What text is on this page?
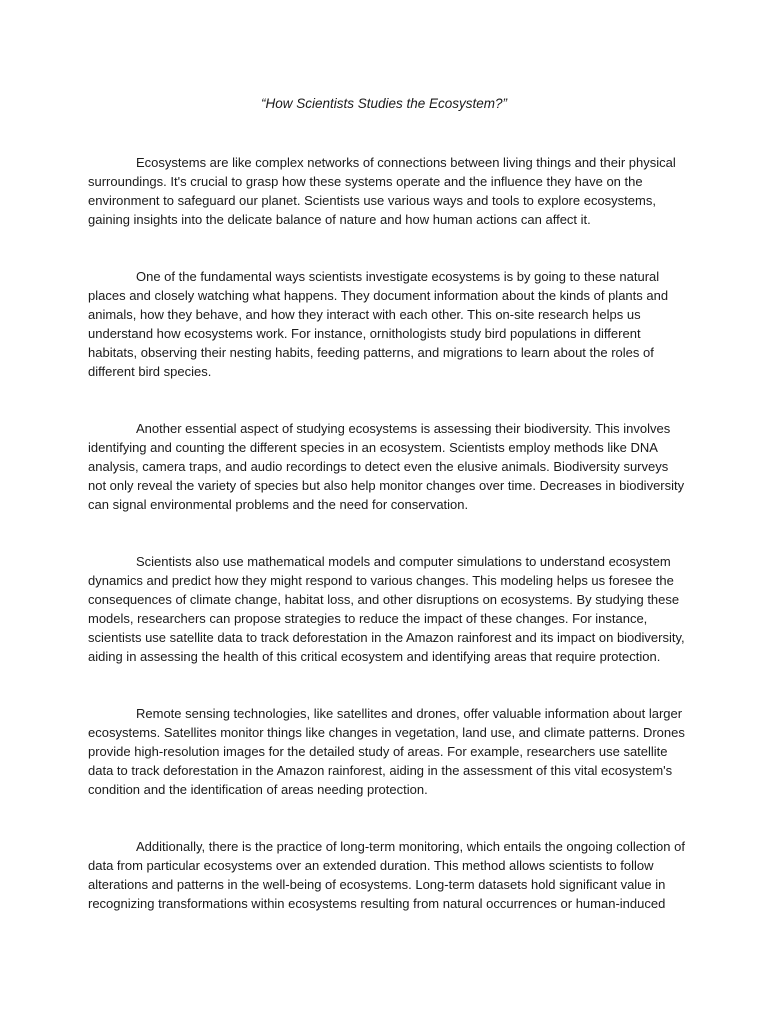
“How Scientists Studies the Ecosystem?”

Ecosystems are like complex networks of connections between living things and their physical surroundings. It's crucial to grasp how these systems operate and the influence they have on the environment to safeguard our planet. Scientists use various ways and tools to explore ecosystems, gaining insights into the delicate balance of nature and how human actions can affect it.

One of the fundamental ways scientists investigate ecosystems is by going to these natural places and closely watching what happens. They document information about the kinds of plants and animals, how they behave, and how they interact with each other. This on-site research helps us understand how ecosystems work. For instance, ornithologists study bird populations in different habitats, observing their nesting habits, feeding patterns, and migrations to learn about the roles of different bird species.

Another essential aspect of studying ecosystems is assessing their biodiversity. This involves identifying and counting the different species in an ecosystem. Scientists employ methods like DNA analysis, camera traps, and audio recordings to detect even the elusive animals. Biodiversity surveys not only reveal the variety of species but also help monitor changes over time. Decreases in biodiversity can signal environmental problems and the need for conservation.

Scientists also use mathematical models and computer simulations to understand ecosystem dynamics and predict how they might respond to various changes. This modeling helps us foresee the consequences of climate change, habitat loss, and other disruptions on ecosystems. By studying these models, researchers can propose strategies to reduce the impact of these changes. For instance, scientists use satellite data to track deforestation in the Amazon rainforest and its impact on biodiversity, aiding in assessing the health of this critical ecosystem and identifying areas that require protection.

Remote sensing technologies, like satellites and drones, offer valuable information about larger ecosystems. Satellites monitor things like changes in vegetation, land use, and climate patterns. Drones provide high-resolution images for the detailed study of areas. For example, researchers use satellite data to track deforestation in the Amazon rainforest, aiding in the assessment of this vital ecosystem's condition and the identification of areas needing protection.

Additionally, there is the practice of long-term monitoring, which entails the ongoing collection of data from particular ecosystems over an extended duration. This method allows scientists to follow alterations and patterns in the well-being of ecosystems. Long-term datasets hold significant value in recognizing transformations within ecosystems resulting from natural occurrences or human-induced
